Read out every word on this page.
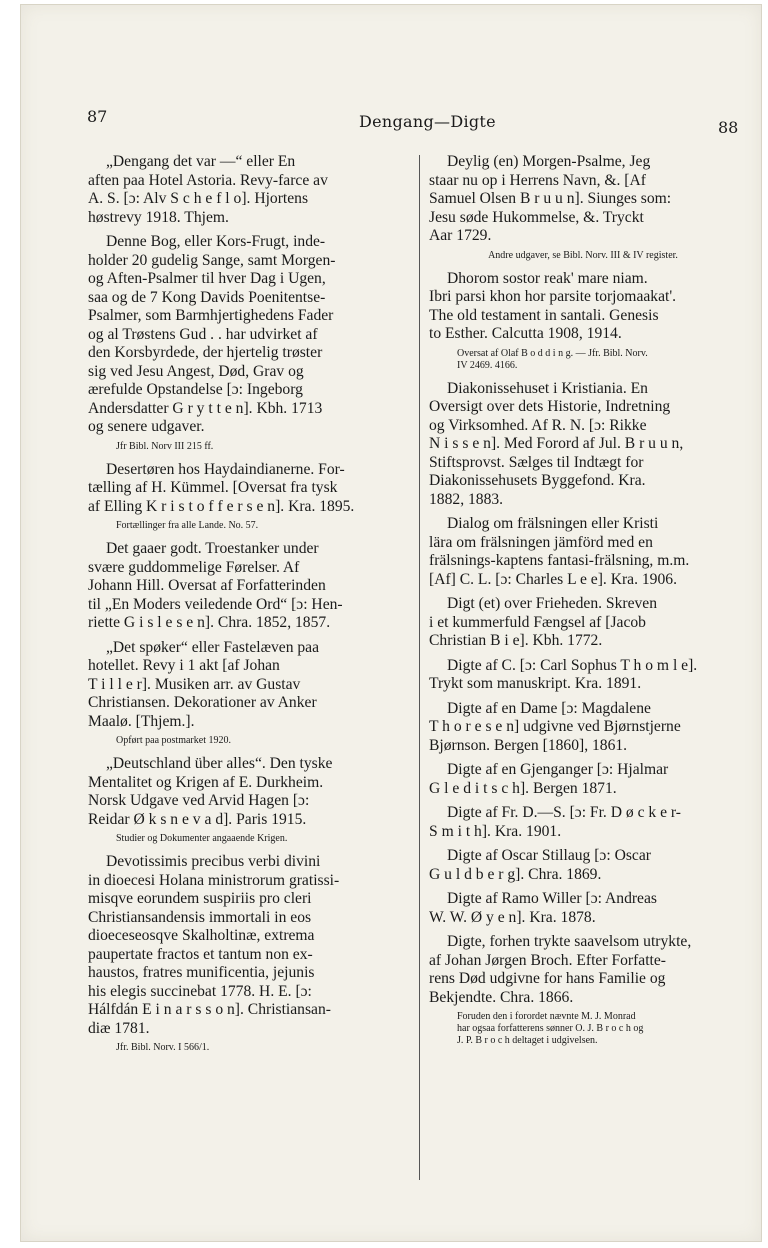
87	Dengang—Digte	88
„Dengang det var —“ eller En
aften paa Hotel Astoria. Revy-farce av
A. S. [ɔ: Alv S c h e f l o]. Hjortens
høstrevy 1918. Thjem.
Denne Bog, eller Kors-Frugt, inde-
holder 20 gudelig Sange, samt Morgen-
og Aften-Psalmer til hver Dag i Ugen,
saa og de 7 Kong Davids Poenitentse-
Psalmer, som Barmhjertighedens Fader
og al Trøstens Gud . . har udvirket af
den Korsbyrdede, der hjertelig trøster
sig ved Jesu Angest, Død, Grav og
ærefulde Opstandelse [ɔ: Ingeborg
Andersdatter G r y t t e n]. Kbh. 1713
og senere udgaver.
Jfr Bibl. Norv III 215 ff.
Desertøren hos Haydaindianerne. For-
tælling af H. Kümmel. [Oversat fra tysk
af Elling K r i s t o f f e r s e n]. Kra. 1895.
Fortællinger fra alle Lande. No. 57.
Det gaaer godt. Troestanker under
svære guddommelige Førelser. Af
Johann Hill. Oversat af Forfatterinden
til „En Moders veiledende Ord“ [ɔ: Hen-
riette G i s l e s e n]. Chra. 1852, 1857.
„Det spøker“ eller Fastelæven paa
hotellet. Revy i 1 akt [af Johan
T i l l e r]. Musiken arr. av Gustav
Christiansen. Dekorationer av Anker
Maalø. [Thjem.].
Opført paa postmarket 1920.
„Deutschland über alles“. Den tyske
Mentalitet og Krigen af E. Durkheim.
Norsk Udgave ved Arvid Hagen [ɔ:
Reidar Ø k s n e v a d]. Paris 1915.
Studier og Dokumenter angaaende Krigen.
Devotissimis precibus verbi divini
in dioecesi Holana ministrorum gratissi-
misqve eorundem suspiriis pro cleri
Christiansandensis immortali in eos
dioeceseosqve Skalholtinæ, extrema
paupertate fractos et tantum non ex-
haustos, fratres munificentia, jejunis
his elegis succinebat 1778. H. E. [ɔ:
Hálfdán E i n a r s s o n]. Christiansan-
diæ 1781.
Jfr. Bibl. Norv. I 566/1.
Deylig (en) Morgen-Psalme, Jeg
staar nu op i Herrens Navn, &. [Af
Samuel Olsen B r u u n]. Siunges som:
Jesu søde Hukommelse, &. Tryckt
Aar 1729.
Andre udgaver, se Bibl. Norv. III & IV register.
Dhorom sostor reak' mare niam.
Ibri parsi khon hor parsite torjomaakat'.
The old testament in santali. Genesis
to Esther. Calcutta 1908, 1914.
Oversat af Olaf B o d d i n g. — Jfr. Bibl. Norv.
IV 2469. 4166.
Diakonissehuset i Kristiania. En
Oversigt over dets Historie, Indretning
og Virksomhed. Af R. N. [ɔ: Rikke
N i s s e n]. Med Forord af Jul. B r u u n,
Stiftsprovst. Sælges til Indtægt for
Diakonissehusets Byggefond. Kra.
1882, 1883.
Dialog om frälsningen eller Kristi
lära om frälsningen jämförd med en
frälsnings-kaptens fantasi-frälsning, m.m.
[Af] C. L. [ɔ: Charles L e e]. Kra. 1906.
Digt (et) over Frieheden. Skreven
i et kummerfuld Fængsel af [Jacob
Christian B i e]. Kbh. 1772.
Digte af C. [ɔ: Carl Sophus T h o m l e].
Trykt som manuskript. Kra. 1891.
Digte af en Dame [ɔ: Magdalene
T h o r e s e n] udgivne ved Bjørnstjerne
Bjørnson. Bergen [1860], 1861.
Digte af en Gjenganger [ɔ: Hjalmar
G l e d i t s c h]. Bergen 1871.
Digte af Fr. D.—S. [ɔ: Fr. D ø c k e r-
S m i t h]. Kra. 1901.
Digte af Oscar Stillaug [ɔ: Oscar
G u l d b e r g]. Chra. 1869.
Digte af Ramo Willer [ɔ: Andreas
W. W. Ø y e n]. Kra. 1878.
Digte, forhen trykte saavelsom utrykte,
af Johan Jørgen Broch. Efter Forfatte-
rens Død udgivne for hans Familie og
Bekjendte. Chra. 1866.
Foruden den i forordet nævnte M. J. Monrad
har ogsaa forfatterens sønner O. J. B r o c h og
J. P. B r o c h deltaget i udgivelsen.
